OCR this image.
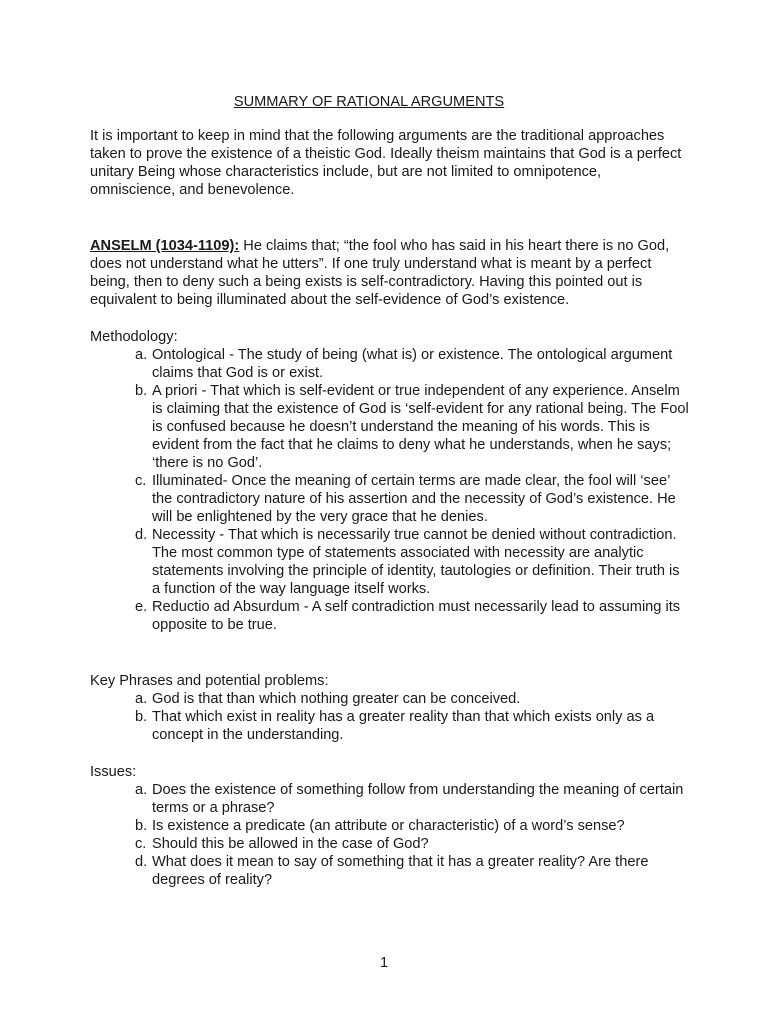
SUMMARY OF RATIONAL ARGUMENTS

It is important to keep in mind that the following arguments are the traditional approaches taken to prove the existence of a theistic God. Ideally theism maintains that God is a perfect unitary Being whose characteristics include, but are not limited to omnipotence, omniscience, and benevolence.

ANSELM (1034-1109): He claims that; “the fool who has said in his heart there is no God, does not understand what he utters”. If one truly understand what is meant by a perfect being, then to deny such a being exists is self-contradictory. Having this pointed out is equivalent to being illuminated about the self-evidence of God’s existence.

Methodology:

a. Ontological - The study of being (what is) or existence. The ontological argument claims that God is or exist.
b. A priori - That which is self-evident or true independent of any experience. Anselm is claiming that the existence of God is ‘self-evident for any rational being. The Fool is confused because he doesn’t understand the meaning of his words. This is evident from the fact that he claims to deny what he understands, when he says; ‘there is no God’.
c. Illuminated- Once the meaning of certain terms are made clear, the fool will ‘see’ the contradictory nature of his assertion and the necessity of God’s existence. He will be enlightened by the very grace that he denies.
d. Necessity - That which is necessarily true cannot be denied without contradiction. The most common type of statements associated with necessity are analytic statements involving the principle of identity, tautologies or definition. Their truth is a function of the way language itself works.
e. Reductio ad Absurdum - A self contradiction must necessarily lead to assuming its opposite to be true.

Key Phrases and potential problems:

a. God is that than which nothing greater can be conceived.
b. That which exist in reality has a greater reality than that which exists only as a concept in the understanding.

Issues:

a. Does the existence of something follow from understanding the meaning of certain terms or a phrase?
b. Is existence a predicate (an attribute or characteristic) of a word’s sense?
c. Should this be allowed in the case of God?
d. What does it mean to say of something that it has a greater reality? Are there degrees of reality?
1
